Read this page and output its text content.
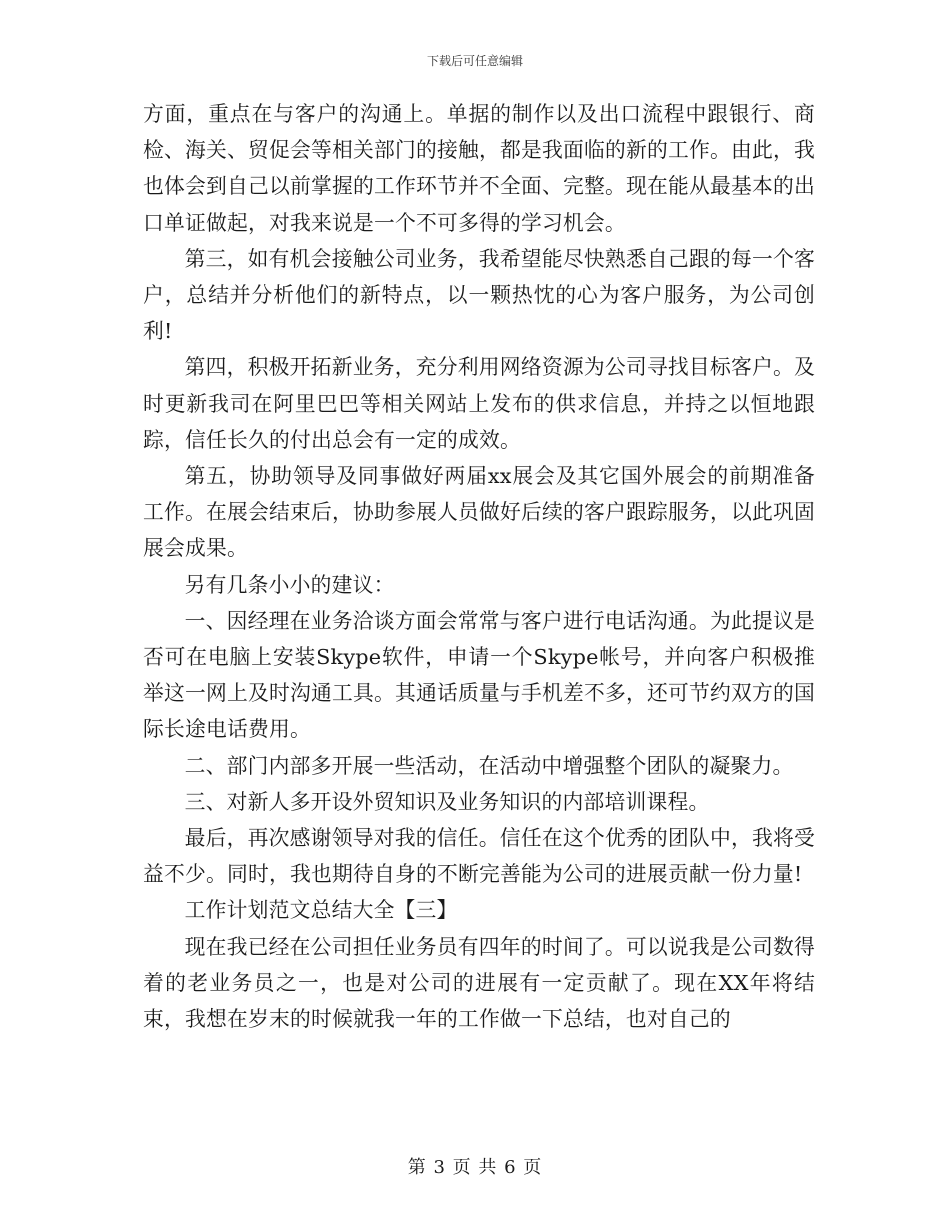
下载后可任意编辑

方面，重点在与客户的沟通上。单据的制作以及出口流程中跟银行、商检、海关、贸促会等相关部门的接触，都是我面临的新的工作。由此，我也体会到自己以前掌握的工作环节并不全面、完整。现在能从最基本的出口单证做起，对我来说是一个不可多得的学习机会。

第三，如有机会接触公司业务，我希望能尽快熟悉自己跟的每一个客户，总结并分析他们的新特点，以一颗热忱的心为客户服务，为公司创利!

第四，积极开拓新业务，充分利用网络资源为公司寻找目标客户。及时更新我司在阿里巴巴等相关网站上发布的供求信息，并持之以恒地跟踪，信任长久的付出总会有一定的成效。

第五，协助领导及同事做好两届xx展会及其它国外展会的前期准备工作。在展会结束后，协助参展人员做好后续的客户跟踪服务，以此巩固展会成果。

另有几条小小的建议：

一、因经理在业务洽谈方面会常常与客户进行电话沟通。为此提议是否可在电脑上安装Skype软件，申请一个Skype帐号，并向客户积极推举这一网上及时沟通工具。其通话质量与手机差不多，还可节约双方的国际长途电话费用。

二、部门内部多开展一些活动，在活动中增强整个团队的凝聚力。

三、对新人多开设外贸知识及业务知识的内部培训课程。

最后，再次感谢领导对我的信任。信任在这个优秀的团队中，我将受益不少。同时，我也期待自身的不断完善能为公司的进展贡献一份力量!

工作计划范文总结大全【三】

现在我已经在公司担任业务员有四年的时间了。可以说我是公司数得着的老业务员之一，也是对公司的进展有一定贡献了。现在XX年将结束，我想在岁末的时候就我一年的工作做一下总结，也对自己的

第 3 页 共 6 页
